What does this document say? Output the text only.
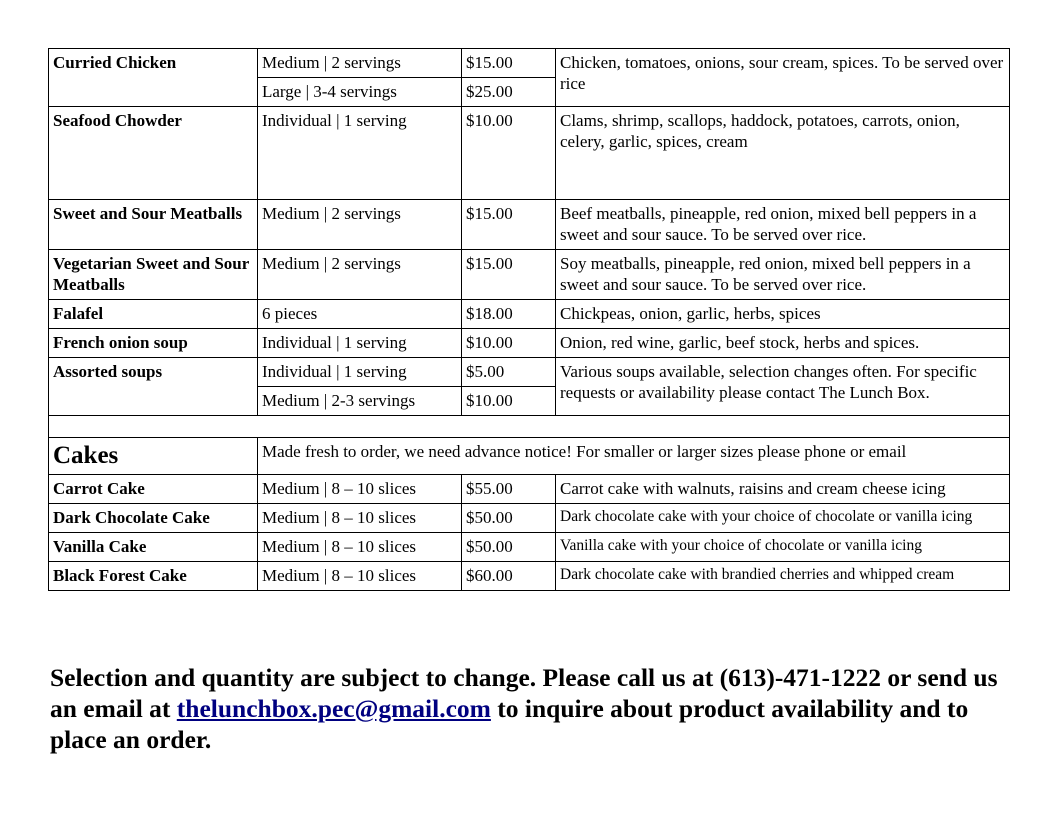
Curried Chicken	Medium | 2 servings	$15.00	Chicken, tomatoes, onions, sour cream, spices. To be served over rice
	Large | 3-4 servings	$25.00	
Seafood Chowder	Individual | 1 serving	$10.00	Clams, shrimp, scallops, haddock, potatoes, carrots, onion, celery, garlic, spices, cream
Sweet and Sour Meatballs	Medium | 2 servings	$15.00	Beef meatballs, pineapple, red onion, mixed bell peppers in a sweet and sour sauce. To be served over rice.
Vegetarian Sweet and Sour Meatballs	Medium | 2 servings	$15.00	Soy meatballs, pineapple, red onion, mixed bell peppers in a sweet and sour sauce. To be served over rice.
Falafel	6 pieces	$18.00	Chickpeas, onion, garlic, herbs, spices
French onion soup	Individual | 1 serving	$10.00	Onion, red wine, garlic, beef stock, herbs and spices.
Assorted soups	Individual | 1 serving	$5.00	Various soups available, selection changes often. For specific requests or availability please contact The Lunch Box.
	Medium | 2-3 servings	$10.00	

Cakes	Made fresh to order, we need advance notice! For smaller or larger sizes please phone or email		
Carrot Cake	Medium | 8 – 10 slices	$55.00	Carrot cake with walnuts, raisins and cream cheese icing
Dark Chocolate Cake	Medium | 8 – 10 slices	$50.00	Dark chocolate cake with your choice of chocolate or vanilla icing
Vanilla Cake	Medium | 8 – 10 slices	$50.00	Vanilla cake with your choice of chocolate or vanilla icing
Black Forest Cake	Medium | 8 – 10 slices	$60.00	Dark chocolate cake with brandied cherries and whipped cream
Selection and quantity are subject to change. Please call us at (613)-471-1222 or send us an email at thelunchbox.pec@gmail.com to inquire about product availability and to place an order.
